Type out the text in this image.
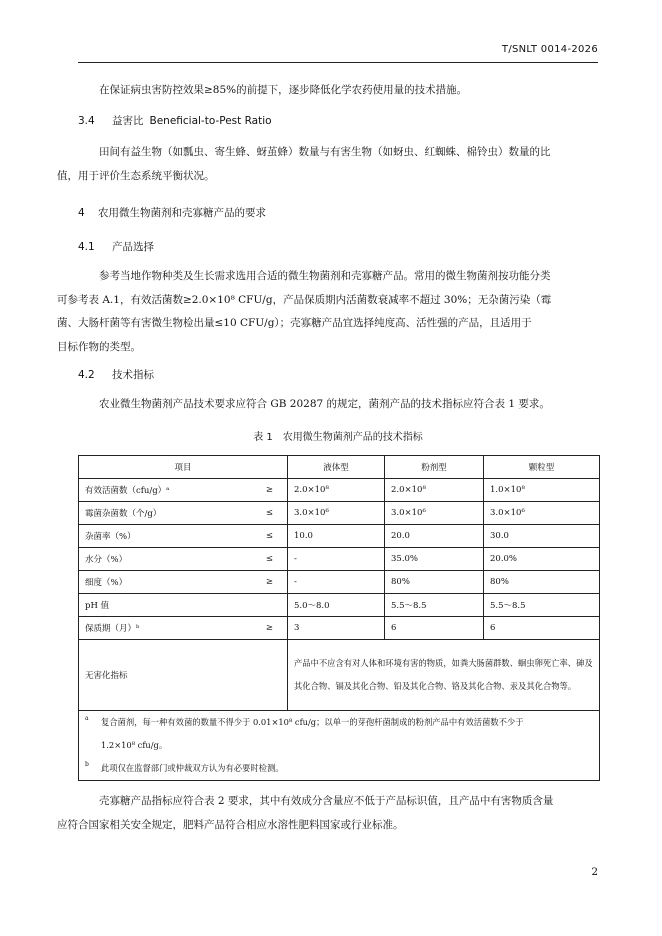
T/SNLT 0014-2026

在保证病虫害防控效果≥85%的前提下，逐步降低化学农药使用量的技术措施。

3.4 益害比 Beneficial-to-Pest Ratio

田间有益生物（如瓢虫、寄生蜂、蚜茧蜂）数量与有害生物（如蚜虫、红蜘蛛、棉铃虫）数量的比
值，用于评价生态系统平衡状况。

4 农用微生物菌剂和壳寡糖产品的要求
4.1 产品选择

参考当地作物种类及生长需求选用合适的微生物菌剂和壳寡糖产品。常用的微生物菌剂按功能分类
可参考表 A.1，有效活菌数≥2.0×10⁸ CFU/g，产品保质期内活菌数衰减率不超过 30%；无杂菌污染（霉
菌、大肠杆菌等有害微生物检出量≤10 CFU/g）；壳寡糖产品宜选择纯度高、活性强的产品，且适用于
目标作物的类型。

4.2 技术指标

农业微生物菌剂产品技术要求应符合 GB 20287 的规定，菌剂产品的技术指标应符合表 1 要求。

表 1 农用微生物菌剂产品的技术指标
项目	液体型	粉剂型	颗粒型
有效活菌数（cfu/g）ᵃ ≥	2.0×10⁸	2.0×10⁸	1.0×10⁸
霉菌杂菌数（个/g） ≤	3.0×10⁶	3.0×10⁶	3.0×10⁶
杂菌率（%） ≤	10.0	20.0	30.0
水分（%） ≤	-	35.0%	20.0%
细度（%） ≥	-	80%	80%
pH 值	5.0～8.0	5.5～8.5	5.5～8.5
保质期（月）ᵇ ≥	3	6	6
无害化指标	产品中不应含有对人体和环境有害的物质，如粪大肠菌群数、蛔虫卵死亡率、砷及其化合物、镉及其化合物、铅及其化合物、铬及其化合物、汞及其化合物等。		

a 复合菌剂，每一种有效菌的数量不得少于 0.01×10⁸ cfu/g；以单一的芽孢杆菌制成的粉剂产品中有效活菌数不少于
1.2×10⁸ cfu/g。
b 此项仅在监督部门或仲裁双方认为有必要时检测。			

壳寡糖产品指标应符合表 2 要求，其中有效成分含量应不低于产品标识值，且产品中有害物质含量
应符合国家相关安全规定，肥料产品符合相应水溶性肥料国家或行业标准。

2
